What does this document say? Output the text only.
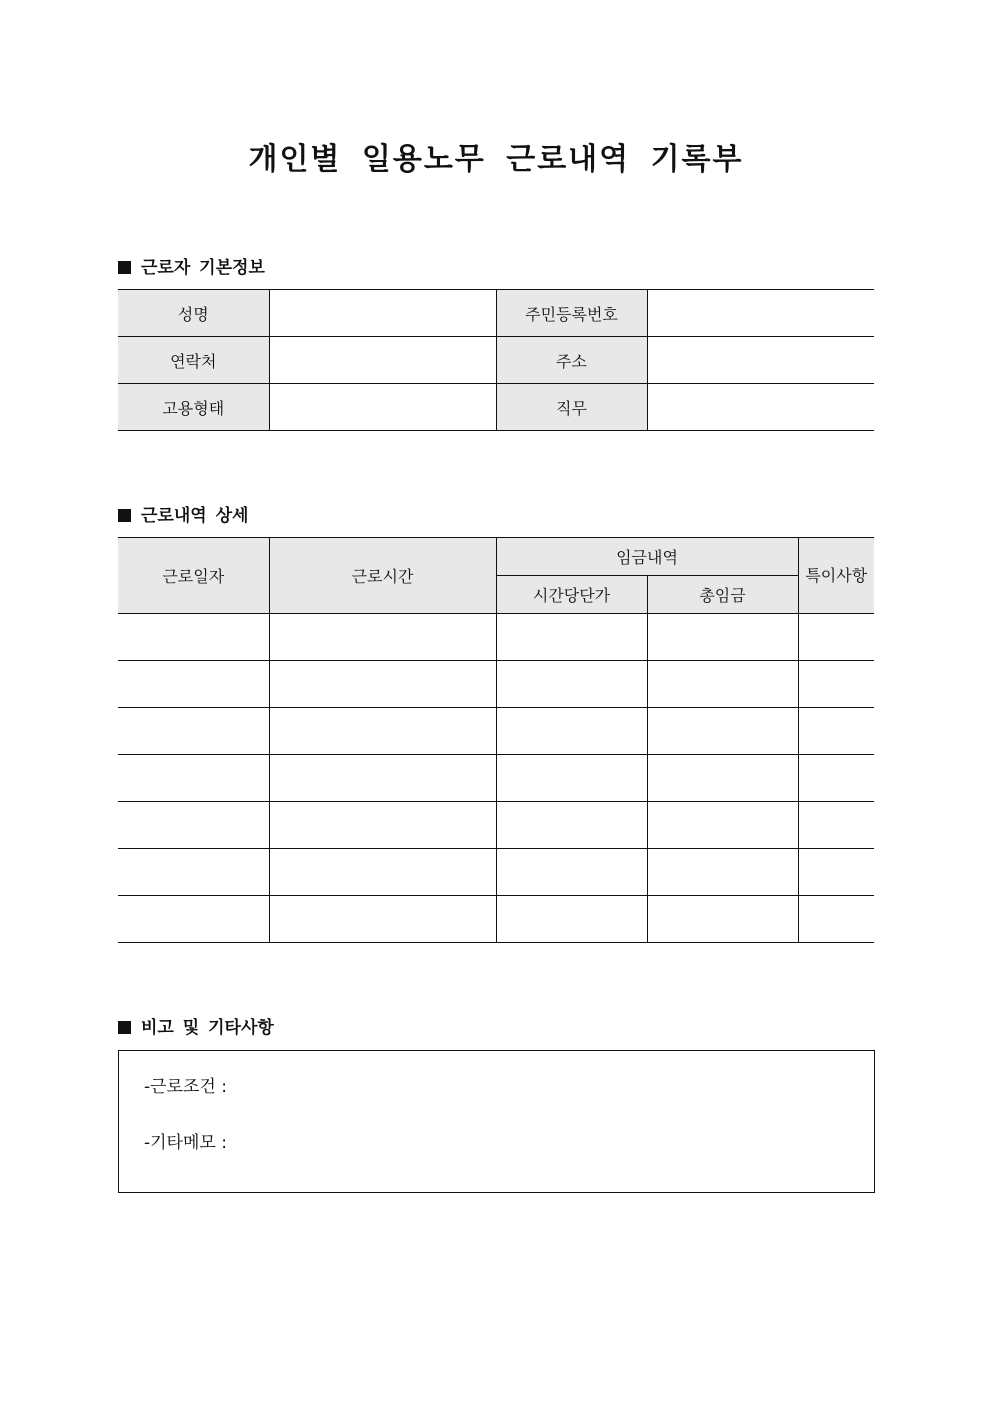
개인별 일용노무 근로내역 기록부
근로자 기본정보
성명		주민등록번호	
연락처		주소	
고용형태		직무	
근로내역 상세
근로일자	근로시간	임금내역		특이사항
		시간당단가	총임금	

비고 및 기타사항
-근로조건 :
-기타메모 :
